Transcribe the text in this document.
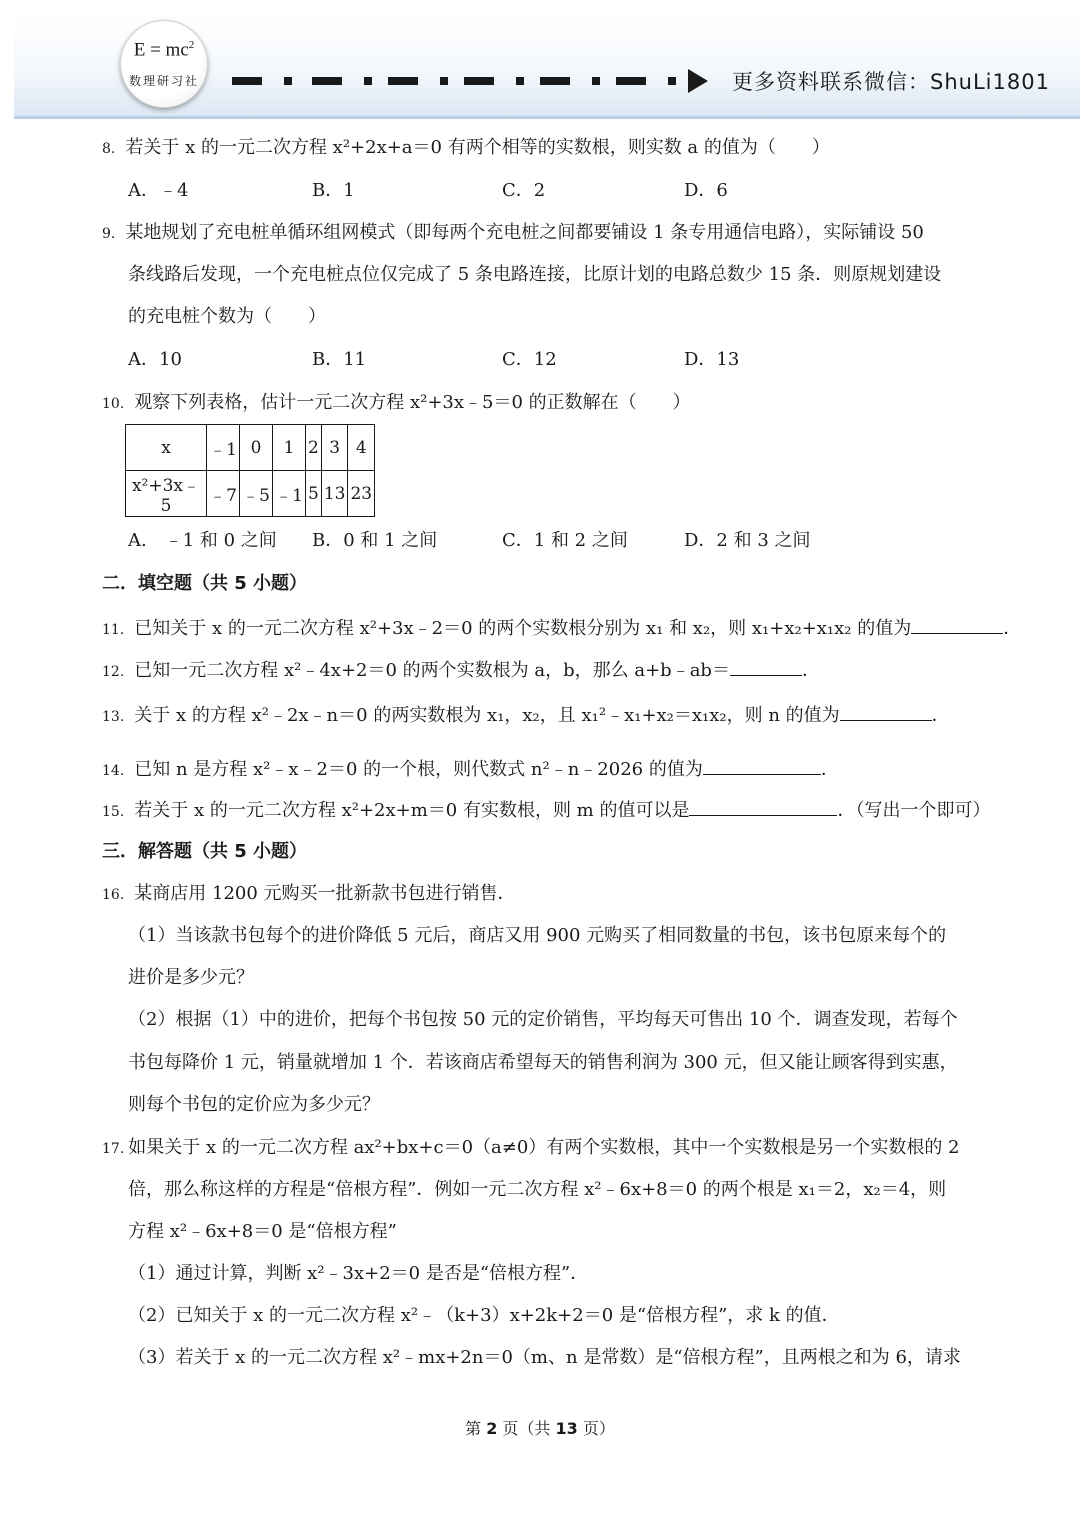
$E = mc^2$
数理研习社	更多资料联系微信：ShuLi1801
8. 若关于 x 的一元二次方程 x²+2x+a＝0 有两个相等的实数根，则实数 a 的值为（　　）
A．﹣4	B．1	C．2	D．6
9. 某地规划了充电桩单循环组网模式（即每两个充电桩之间都要铺设 1 条专用通信电路），实际铺设 50
条线路后发现，一个充电桩点位仅完成了 5 条电路连接，比原计划的电路总数少 15 条．则原规划建设
的充电桩个数为（　　）
A．10	B．11	C．12	D．13
10. 观察下列表格，估计一元二次方程 x²+3x﹣5＝0 的正数解在（　　）
x	﹣1	0	1	2	3	4
x²+3x﹣5	﹣7	﹣5	﹣1	5	13	23
A.　﹣1 和 0 之间 B．0 和 1 之间	C．1 和 2 之间	D．2 和 3 之间
二．填空题（共 5 小题）
11. 已知关于 x 的一元二次方程 x²+3x﹣2＝0 的两个实数根分别为 x₁ 和 x₂，则 x₁+x₂+x₁x₂ 的值为	．
12. 已知一元二次方程 x²﹣4x+2＝0 的两个实数根为 a，b，那么 a+b﹣ab＝	．
13. 关于 x 的方程 x²﹣2x﹣n＝0 的两实数根为 x₁，x₂，且 x₁²﹣x₁+x₂＝x₁x₂，则 n 的值为	．
14. 已知 n 是方程 x²﹣x﹣2＝0 的一个根，则代数式 n²﹣n﹣2026 的值为	．
15. 若关于 x 的一元二次方程 x²+2x+m＝0 有实数根，则 m 的值可以是	．（写出一个即可）
三．解答题（共 5 小题）
16. 某商店用 1200 元购买一批新款书包进行销售．
（1）当该款书包每个的进价降低 5 元后，商店又用 900 元购买了相同数量的书包，该书包原来每个的
进价是多少元？
（2）根据（1）中的进价，把每个书包按 50 元的定价销售，平均每天可售出 10 个．调查发现，若每个
书包每降价 1 元，销量就增加 1 个．若该商店希望每天的销售利润为 300 元，但又能让顾客得到实惠，
则每个书包的定价应为多少元？
17. 如果关于 x 的一元二次方程 ax²+bx+c＝0（a≠0）有两个实数根，其中一个实数根是另一个实数根的 2
倍，那么称这样的方程是“倍根方程”．例如一元二次方程 x²﹣6x+8＝0 的两个根是 x₁＝2，x₂＝4，则
方程 x²﹣6x+8＝0 是“倍根方程”
（1）通过计算，判断 x²﹣3x+2＝0 是否是“倍根方程”．
（2）已知关于 x 的一元二次方程 x²﹣（k+3）x+2k+2＝0 是“倍根方程”，求 k 的值．
（3）若关于 x 的一元二次方程 x²﹣mx+2n＝0（m、n 是常数）是“倍根方程”，且两根之和为 6，请求
第 2 页（共 13 页）
